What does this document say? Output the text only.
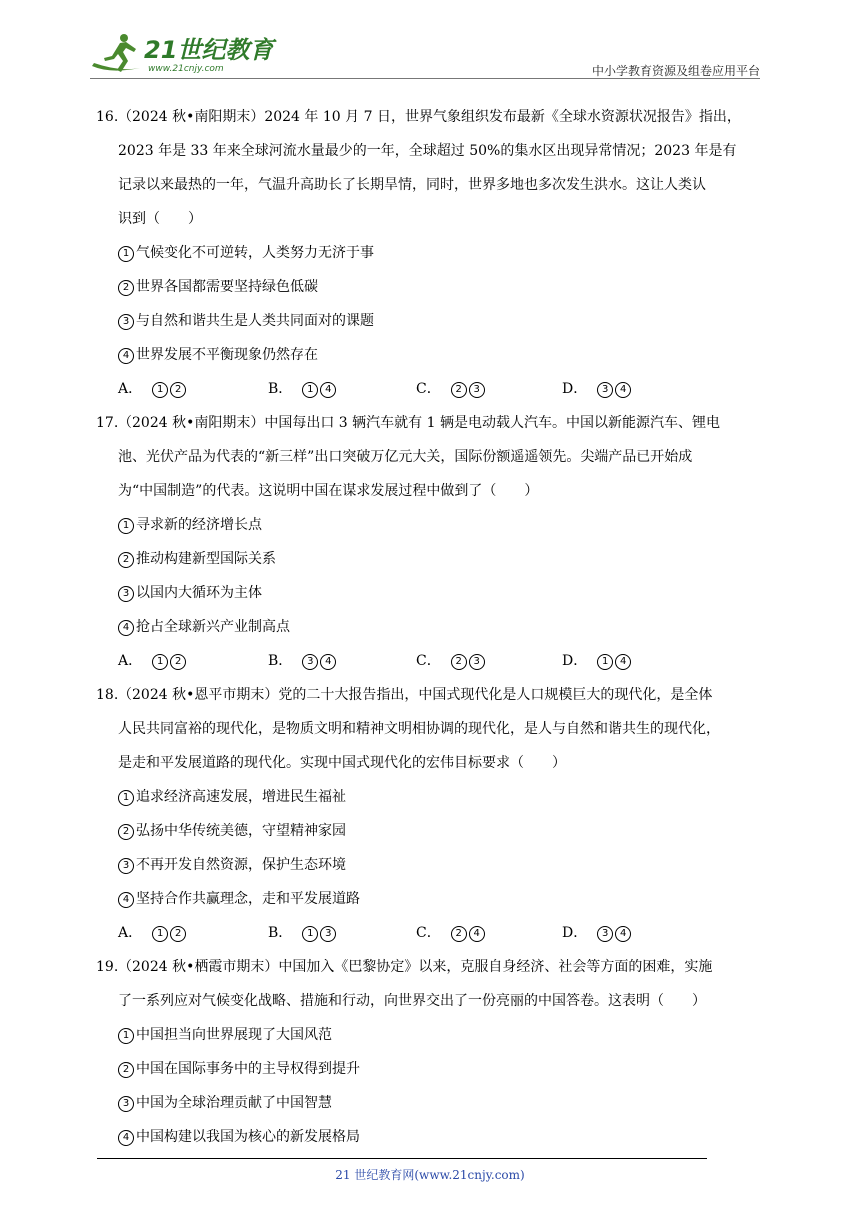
21世纪教育
www.21cnjy.com	中小学教育资源及组卷应用平台
16. （2024 秋•南阳期末）2024 年 10 月 7 日，世界气象组织发布最新《全球水资源状况报告》指出，
2023 年是 33 年来全球河流水量最少的一年，全球超过 50%的集水区出现异常情况；2023 年是有
记录以来最热的一年，气温升高助长了长期旱情，同时，世界多地也多次发生洪水。这让人类认
识到（　　）
1 气候变化不可逆转，人类努力无济于事
2 世界各国都需要坚持绿色低碳
3 与自然和谐共生是人类共同面对的课题
4 世界发展不平衡现象仍然存在
A． 1 2	B． 1 4	C． 2 3	D． 3 4
17. （2024 秋•南阳期末）中国每出口 3 辆汽车就有 1 辆是电动载人汽车。中国以新能源汽车、锂电
池、光伏产品为代表的“新三样”出口突破万亿元大关，国际份额遥遥领先。尖端产品已开始成
为“中国制造”的代表。这说明中国在谋求发展过程中做到了（　　）
1 寻求新的经济增长点
2 推动构建新型国际关系
3 以国内大循环为主体
4 抢占全球新兴产业制高点
A． 1 2	B． 3 4	C． 2 3	D． 1 4
18. （2024 秋•恩平市期末）党的二十大报告指出，中国式现代化是人口规模巨大的现代化，是全体
人民共同富裕的现代化，是物质文明和精神文明相协调的现代化，是人与自然和谐共生的现代化，
是走和平发展道路的现代化。实现中国式现代化的宏伟目标要求（　　）
1 追求经济高速发展，增进民生福祉
2 弘扬中华传统美德，守望精神家园
3 不再开发自然资源，保护生态环境
4 坚持合作共赢理念，走和平发展道路
A． 1 2	B． 1 3	C． 2 4	D． 3 4
19. （2024 秋•栖霞市期末）中国加入《巴黎协定》以来，克服自身经济、社会等方面的困难，实施
了一系列应对气候变化战略、措施和行动，向世界交出了一份亮丽的中国答卷。这表明（　　）
1 中国担当向世界展现了大国风范
2 中国在国际事务中的主导权得到提升
3 中国为全球治理贡献了中国智慧
4 中国构建以我国为核心的新发展格局
21 世纪教育网(www.21cnjy.com)
